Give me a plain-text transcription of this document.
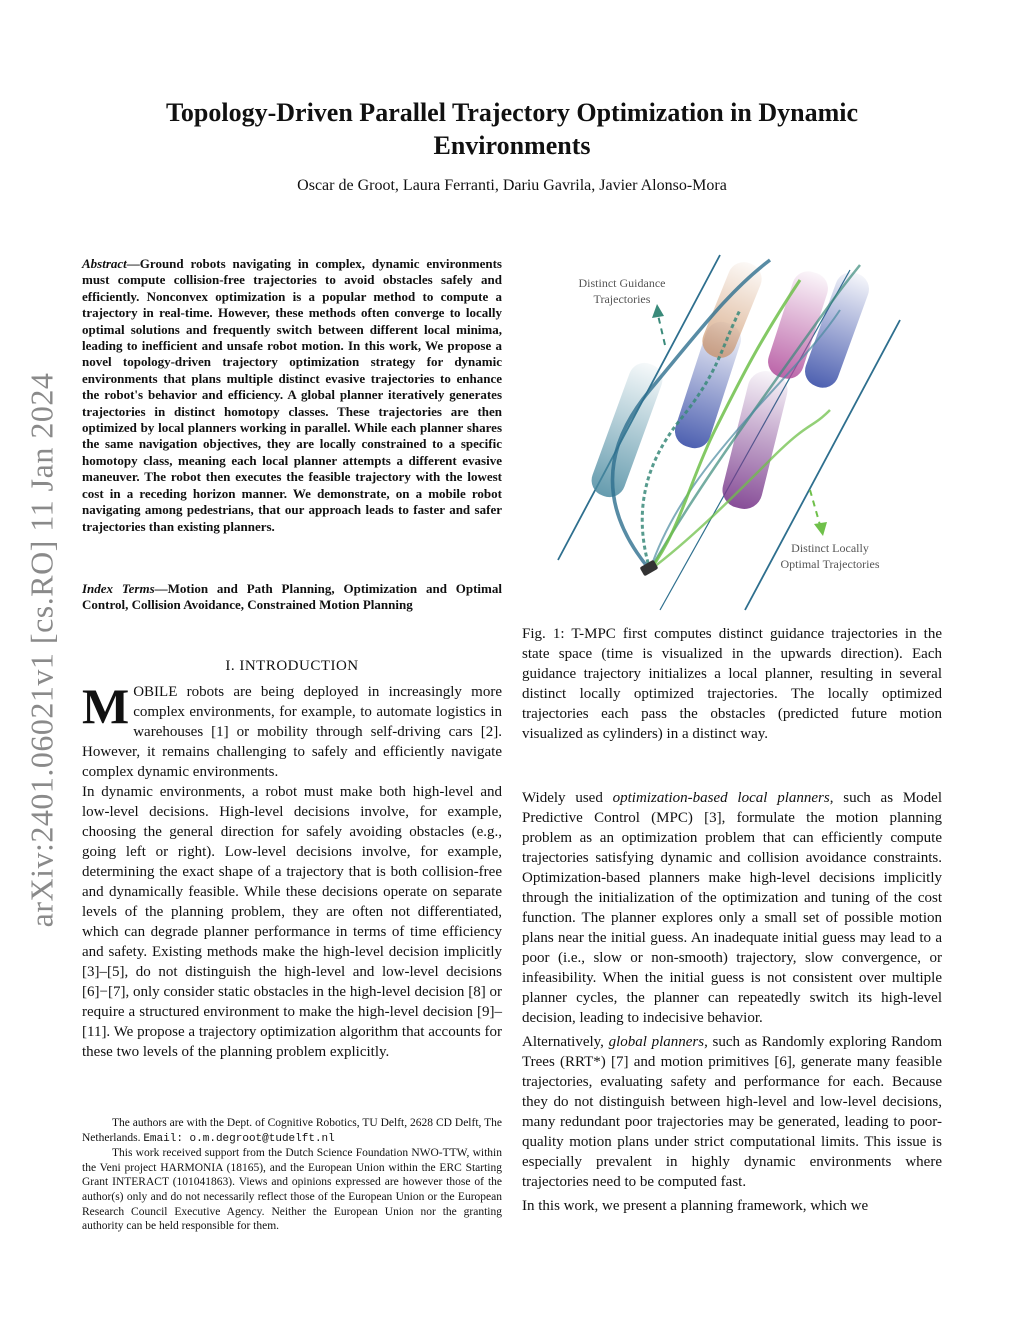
Topology-Driven Parallel Trajectory Optimization in Dynamic Environments
Oscar de Groot, Laura Ferranti, Dariu Gavrila, Javier Alonso-Mora
arXiv:2401.06021v1 [cs.RO] 11 Jan 2024
Abstract—Ground robots navigating in complex, dynamic environments must compute collision-free trajectories to avoid obstacles safely and efficiently. Nonconvex optimization is a popular method to compute a trajectory in real-time. However, these methods often converge to locally optimal solutions and frequently switch between different local minima, leading to inefficient and unsafe robot motion. In this work, We propose a novel topology-driven trajectory optimization strategy for dynamic environments that plans multiple distinct evasive trajectories to enhance the robot's behavior and efficiency. A global planner iteratively generates trajectories in distinct homotopy classes. These trajectories are then optimized by local planners working in parallel. While each planner shares the same navigation objectives, they are locally constrained to a specific homotopy class, meaning each local planner attempts a different evasive maneuver. The robot then executes the feasible trajectory with the lowest cost in a receding horizon manner. We demonstrate, on a mobile robot navigating among pedestrians, that our approach leads to faster and safer trajectories than existing planners.
Index Terms—Motion and Path Planning, Optimization and Optimal Control, Collision Avoidance, Constrained Motion Planning
I. INTRODUCTION

MOBILE robots are being deployed in increasingly more complex environments, for example, to automate logistics in warehouses [1] or mobility through self-driving cars [2]. However, it remains challenging to safely and efficiently navigate complex dynamic environments.

In dynamic environments, a robot must make both high-level and low-level decisions. High-level decisions involve, for example, choosing the general direction for safely avoiding obstacles (e.g., going left or right). Low-level decisions involve, for example, determining the exact shape of a trajectory that is both collision-free and dynamically feasible. While these decisions operate on separate levels of the planning problem, they are often not differentiated, which can degrade planner performance in terms of time efficiency and safety. Existing methods make the high-level decision implicitly [3]–[5], do not distinguish the high-level and low-level decisions [6]−[7], only consider static obstacles in the high-level decision [8] or require a structured environment to make the high-level decision [9]–[11]. We propose a trajectory optimization algorithm that accounts for these two levels of the planning problem explicitly.

The authors are with the Dept. of Cognitive Robotics, TU Delft, 2628 CD Delft, The Netherlands. Email: o.m.degroot@tudelft.nl

This work received support from the Dutch Science Foundation NWO-TTW, within the Veni project HARMONIA (18165), and the European Union within the ERC Starting Grant INTERACT (101041863). Views and opinions expressed are however those of the author(s) only and do not necessarily reflect those of the European Union or the European Research Council Executive Agency. Neither the European Union nor the granting authority can be held responsible for them.

Distinct Guidance
Trajectories
Distinct Locally
Optimal Trajectories
Fig. 1: T-MPC first computes distinct guidance trajectories in the state space (time is visualized in the upwards direction). Each guidance trajectory initializes a local planner, resulting in several distinct locally optimized trajectories. The locally optimized trajectories each pass the obstacles (predicted future motion visualized as cylinders) in a distinct way.

Widely used optimization-based local planners, such as Model Predictive Control (MPC) [3], formulate the motion planning problem as an optimization problem that can efficiently compute trajectories satisfying dynamic and collision avoidance constraints. Optimization-based planners make high-level decisions implicitly through the initialization of the optimization and tuning of the cost function. The planner explores only a small set of possible motion plans near the initial guess. An inadequate initial guess may lead to a poor (i.e., slow or non-smooth) trajectory, slow convergence, or infeasibility. When the initial guess is not consistent over multiple planner cycles, the planner can repeatedly switch its high-level decision, leading to indecisive behavior.

Alternatively, global planners, such as Randomly exploring Random Trees (RRT*) [7] and motion primitives [6], generate many feasible trajectories, evaluating safety and performance for each. Because they do not distinguish between high-level and low-level decisions, many redundant poor trajectories may be generated, leading to poor-quality motion plans under strict computational limits. This issue is especially prevalent in highly dynamic environments where trajectories need to be computed fast.

In this work, we present a planning framework, which we
